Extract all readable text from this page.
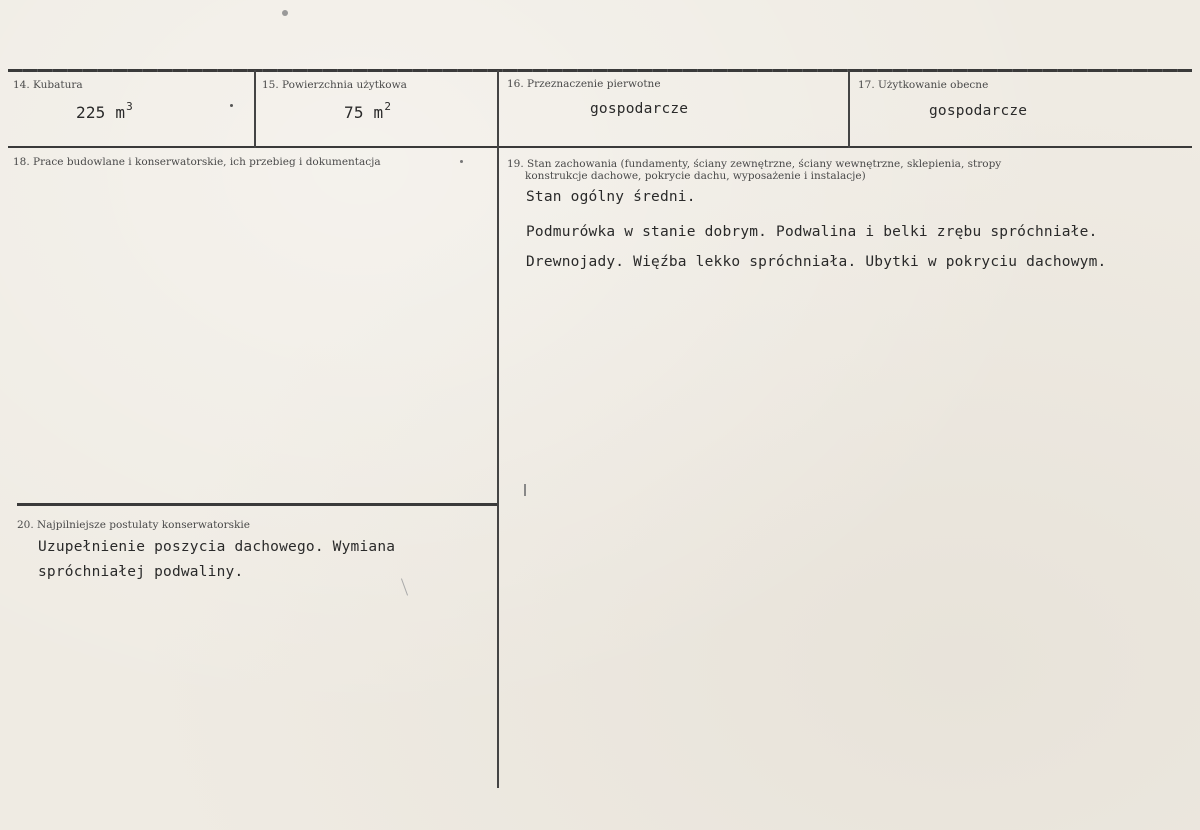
14. Kubatura
225 $m^3$
15. Powierzchnia użytkowa
75 $m^2$
16. Przeznaczenie pierwotne
gospodarcze
17. Użytkowanie obecne
gospodarcze
18. Prace budowlane i konserwatorskie, ich przebieg i dokumentacja	19. Stan zachowania (fundamenty, ściany zewnętrzne, ściany wewnętrzne, sklepienia, stropy
konstrukcje dachowe, pokrycie dachu, wyposażenie i instalacje)
Stan ogólny średni.
Podmurówka w stanie dobrym. Podwalina i belki zrębu spróchniałe.
Drewnojady. Więźba lekko spróchniała. Ubytki w pokryciu dachowym.
20. Najpilniejsze postulaty konserwatorskie
Uzupełnienie poszycia dachowego. Wymiana
spróchniałej podwaliny.
